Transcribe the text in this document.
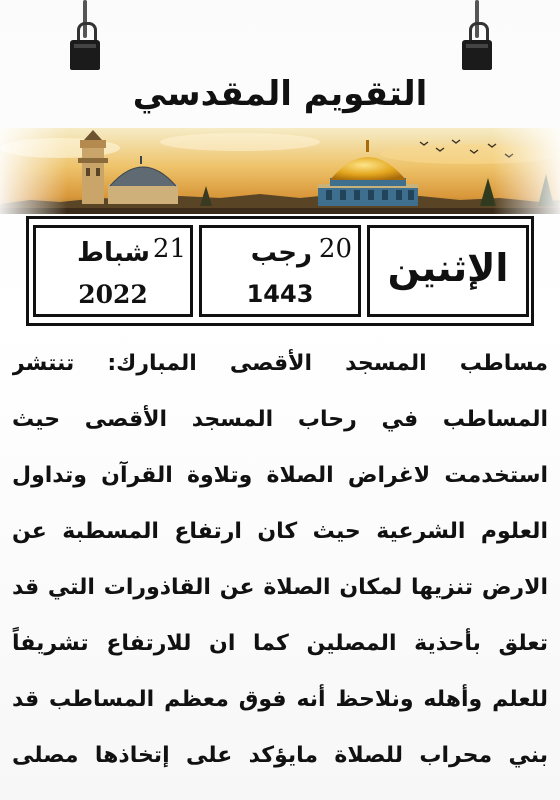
التقويم المقدسي
الإثنين
20
رجب
1443
21
شباط
2022
مساطب المسجد الأقصى المبارك: تنتشر
المساطب في رحاب المسجد الأقصى حيث
استخدمت لاغراض الصلاة وتلاوة القرآن وتداول
العلوم الشرعية حيث كان ارتفاع المسطبة عن
الارض تنزيها لمكان الصلاة عن القاذورات التي قد
تعلق بأحذية المصلين كما ان للارتفاع تشريفاً
للعلم وأهله ونلاحظ أنه فوق معظم المساطب قد
بني محراب للصلاة مايؤكد على إتخاذها مصلى
